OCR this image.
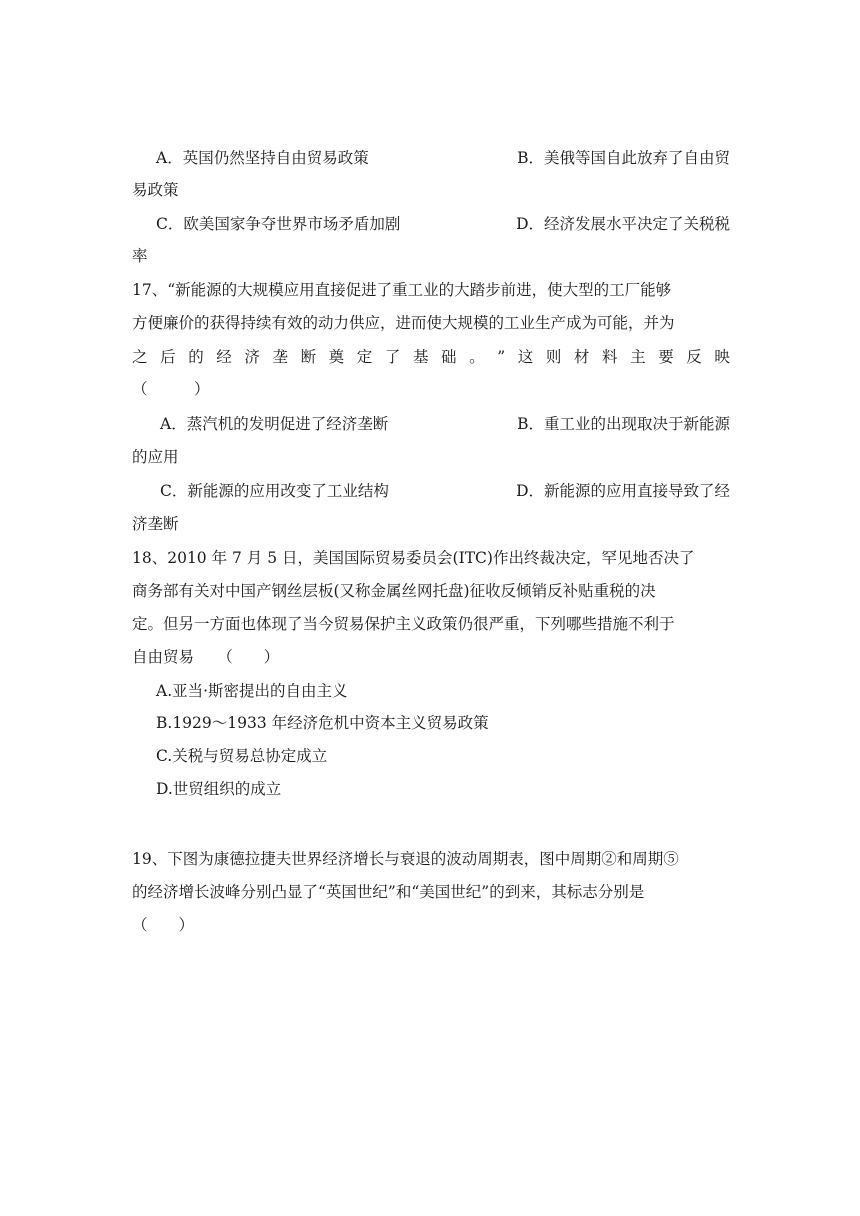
A．英国仍然坚持自由贸易政策	B．美俄等国自此放弃了自由贸
易政策
C．欧美国家争夺世界市场矛盾加剧	D．经济发展水平决定了关税税
率
17、“新能源的大规模应用直接促进了重工业的大踏步前进，使大型的工厂能够
方便廉价的获得持续有效的动力供应，进而使大规模的工业生产成为可能，并为
之 后 的 经 济 垄 断 奠 定 了 基 础 。 ” 这 则 材 料 主 要 反 映
（　　　）
A．蒸汽机的发明促进了经济垄断	B．重工业的出现取决于新能源
的应用
C．新能源的应用改变了工业结构	D．新能源的应用直接导致了经
济垄断
18、2010 年 7 月 5 日，美国国际贸易委员会(ITC)作出终裁决定，罕见地否决了
商务部有关对中国产钢丝层板(又称金属丝网托盘)征收反倾销反补贴重税的决
定。但另一方面也体现了当今贸易保护主义政策仍很严重，下列哪些措施不利于
自由贸易　　（　　）
A.亚当·斯密提出的自由主义
B.1929～1933 年经济危机中资本主义贸易政策
C.关税与贸易总协定成立
D.世贸组织的成立
19、下图为康德拉捷夫世界经济增长与衰退的波动周期表，图中周期②和周期⑤
的经济增长波峰分别凸显了“英国世纪”和“美国世纪”的到来，其标志分别是
（　　）
